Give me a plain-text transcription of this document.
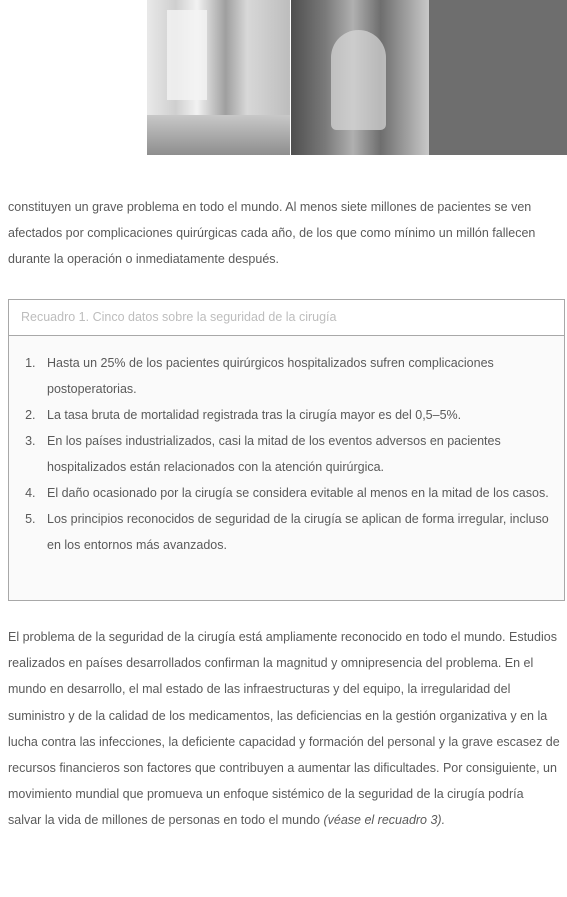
constituyen un grave problema en todo el mundo. Al menos siete millones de pacientes se ven afectados por complicaciones quirúrgicas cada año, de los que como mínimo un millón fallecen durante la operación o inmediatamente después.

Recuadro 1. Cinco datos sobre la seguridad de la cirugía
1. Hasta un 25% de los pacientes quirúrgicos hospitalizados sufren complicaciones postoperatorias.
2. La tasa bruta de mortalidad registrada tras la cirugía mayor es del 0,5–5%.
3. En los países industrializados, casi la mitad de los eventos adversos en pacientes hospitalizados están relacionados con la atención quirúrgica.
4. El daño ocasionado por la cirugía se considera evitable al menos en la mitad de los casos.
5. Los principios reconocidos de seguridad de la cirugía se aplican de forma irregular, incluso en los entornos más avanzados.

El problema de la seguridad de la cirugía está ampliamente reconocido en todo el mundo. Estudios realizados en países desarrollados confirman la magnitud y omnipresencia del problema. En el mundo en desarrollo, el mal estado de las infraestructuras y del equipo, la irregularidad del suministro y de la calidad de los medicamentos, las deficiencias en la gestión organizativa y en la lucha contra las infecciones, la deficiente capacidad y formación del personal y la grave escasez de recursos financieros son factores que contribuyen a aumentar las dificultades. Por consiguiente, un movimiento mundial que promueva un enfoque sistémico de la seguridad de la cirugía podría salvar la vida de millones de personas en todo el mundo (véase el recuadro 3).
